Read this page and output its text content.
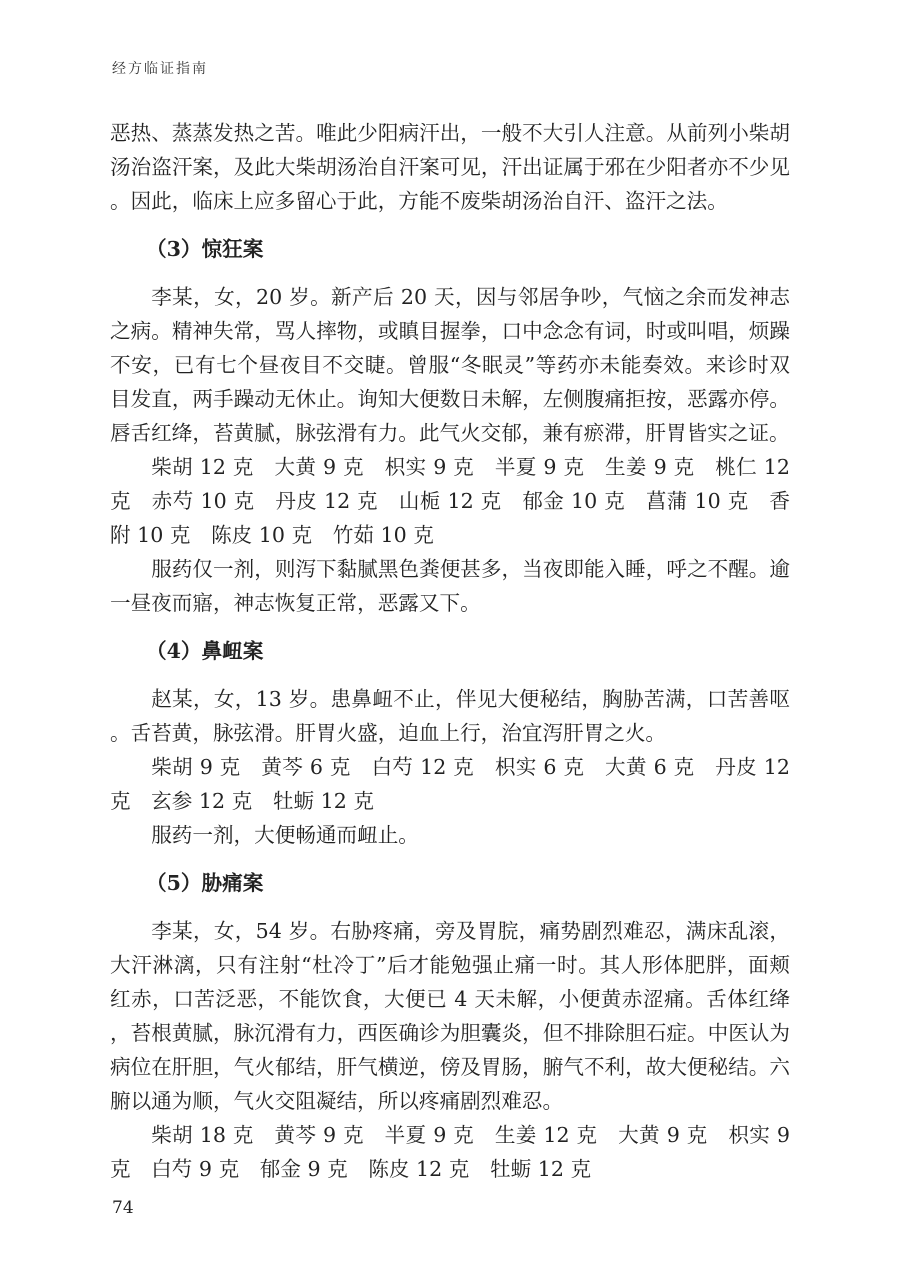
经方临证指南

恶热、蒸蒸发热之苦。唯此少阳病汗出，一般不大引人注意。从前列小柴胡汤治盗汗案，及此大柴胡汤治自汗案可见，汗出证属于邪在少阳者亦不少见。因此，临床上应多留心于此，方能不废柴胡汤治自汗、盗汗之法。

（3）惊狂案

李某，女，20 岁。新产后 20 天，因与邻居争吵，气恼之余而发神志之病。精神失常，骂人摔物，或瞋目握拳，口中念念有词，时或叫唱，烦躁不安，已有七个昼夜目不交睫。曾服“冬眠灵”等药亦未能奏效。来诊时双目发直，两手躁动无休止。询知大便数日未解，左侧腹痛拒按，恶露亦停。唇舌红绛，苔黄腻，脉弦滑有力。此气火交郁，兼有瘀滞，肝胃皆实之证。

柴胡 12 克　大黄 9 克　枳实 9 克　半夏 9 克　生姜 9 克　桃仁 12 克　赤芍 10 克　丹皮 12 克　山栀 12 克　郁金 10 克　菖蒲 10 克　香附 10 克　陈皮 10 克　竹茹 10 克

服药仅一剂，则泻下黏腻黑色粪便甚多，当夜即能入睡，呼之不醒。逾一昼夜而寤，神志恢复正常，恶露又下。

（4）鼻衄案

赵某，女，13 岁。患鼻衄不止，伴见大便秘结，胸胁苦满，口苦善呕。舌苔黄，脉弦滑。肝胃火盛，迫血上行，治宜泻肝胃之火。

柴胡 9 克　黄芩 6 克　白芍 12 克　枳实 6 克　大黄 6 克　丹皮 12 克　玄参 12 克　牡蛎 12 克

服药一剂，大便畅通而衄止。

（5）胁痛案

李某，女，54 岁。右胁疼痛，旁及胃脘，痛势剧烈难忍，满床乱滚，大汗淋漓，只有注射“杜冷丁”后才能勉强止痛一时。其人形体肥胖，面颊红赤，口苦泛恶，不能饮食，大便已 4 天未解，小便黄赤涩痛。舌体红绛，苔根黄腻，脉沉滑有力，西医确诊为胆囊炎，但不排除胆石症。中医认为病位在肝胆，气火郁结，肝气横逆，傍及胃肠，腑气不利，故大便秘结。六腑以通为顺，气火交阻凝结，所以疼痛剧烈难忍。

柴胡 18 克　黄芩 9 克　半夏 9 克　生姜 12 克　大黄 9 克　枳实 9 克　白芍 9 克　郁金 9 克　陈皮 12 克　牡蛎 12 克

74
